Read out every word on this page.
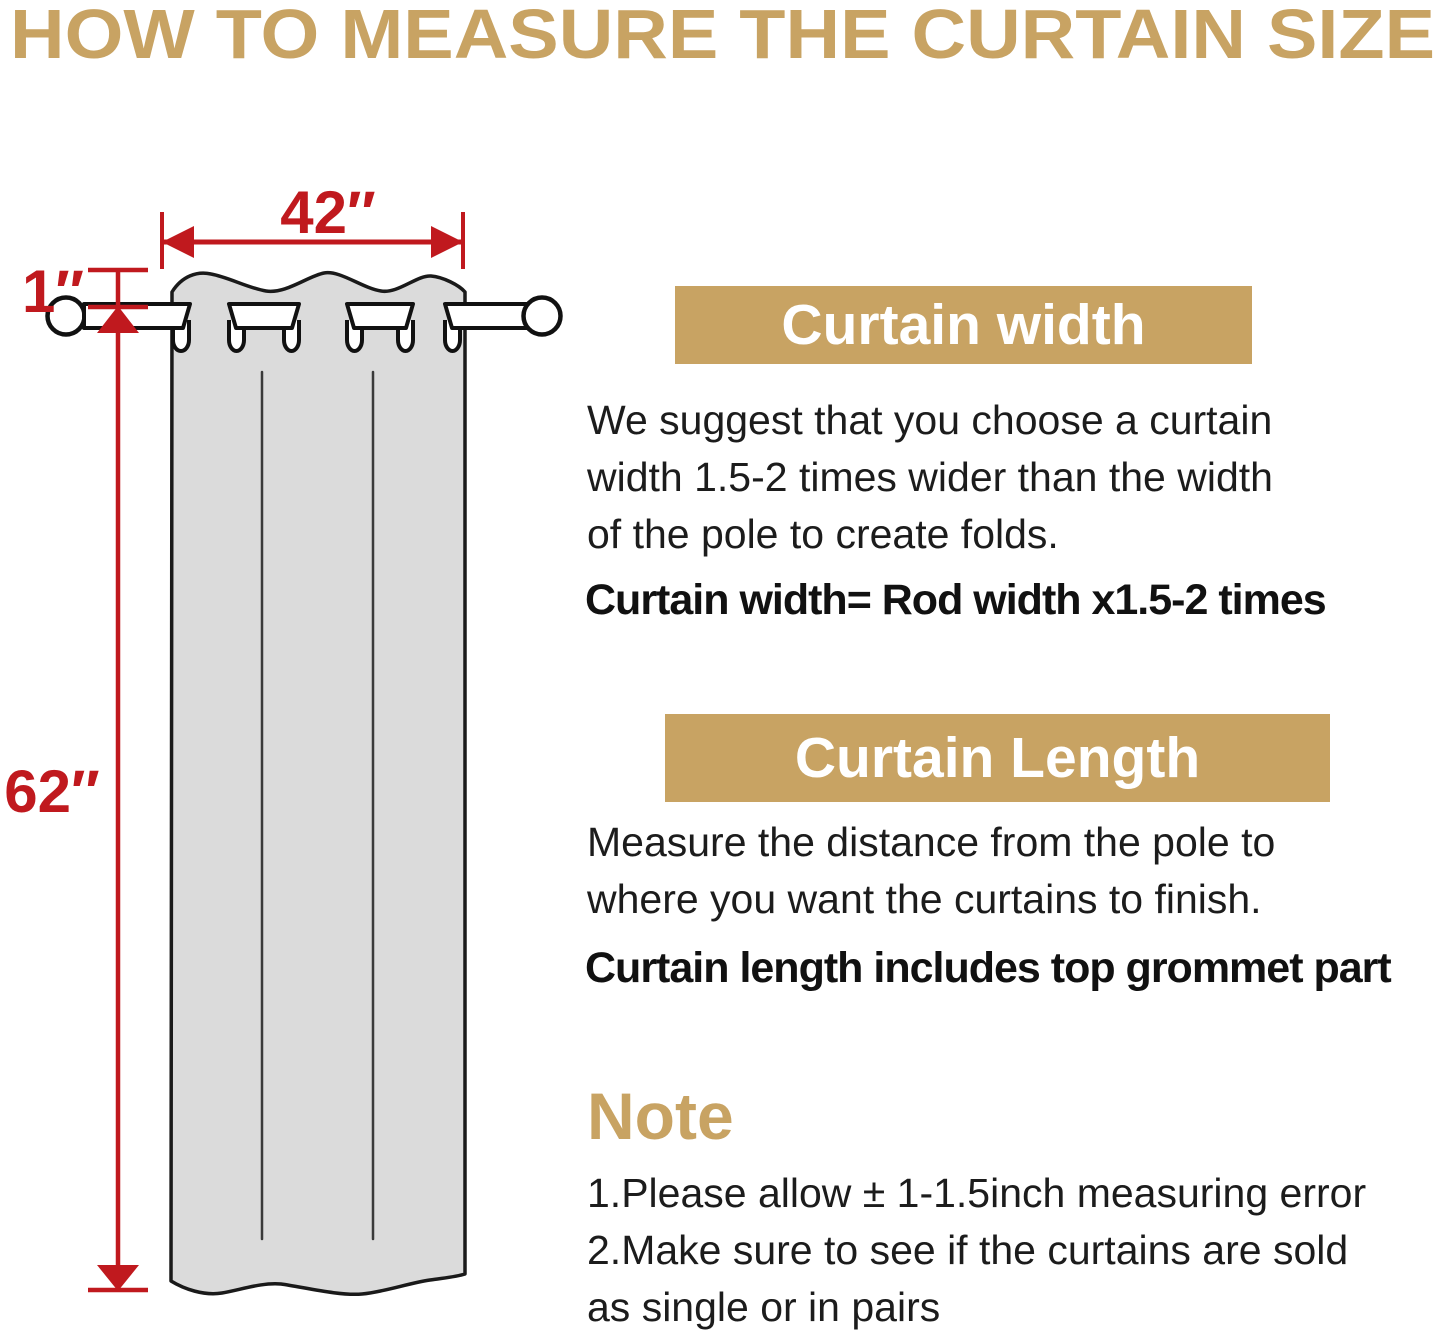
HOW TO MEASURE THE CURTAIN SIZE
42″
1″
62″
Curtain width
We suggest that you choose a curtain
width 1.5-2 times wider than the width
of the pole to create folds.
Curtain width= Rod width x1.5-2 times
Curtain Length
Measure the distance from the pole to
where you want the curtains to finish.
Curtain length includes top grommet part
Note
1.Please allow ± 1-1.5inch measuring error
2.Make sure to see if the curtains are sold
as single or in pairs
